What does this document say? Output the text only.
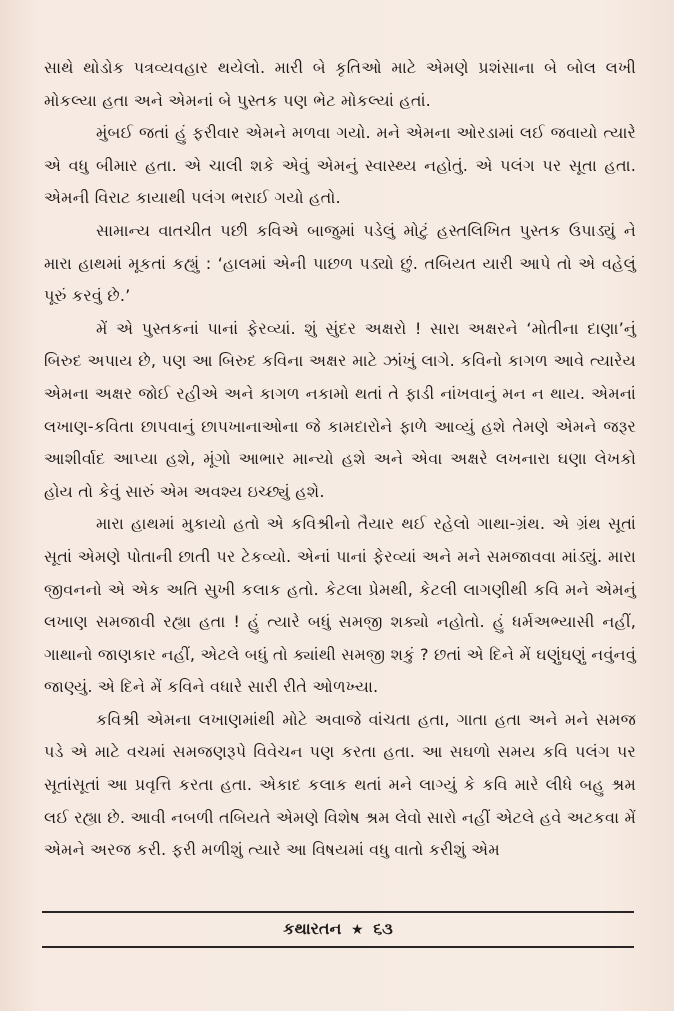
સાથે થોડોક પત્રવ્યવહાર થયેલો. મારી બે કૃતિઓ માટે એમણે પ્રશંસાના બે બોલ લખી મોકલ્યા હતા અને એમનાં બે પુસ્તક પણ ભેટ મોકલ્યાં હતાં.

મુંબઈ જતાં હું ફરીવાર એમને મળવા ગયો. મને એમના ઓરડામાં લઈ જવાયો ત્યારે એ વધુ બીમાર હતા. એ ચાલી શકે એવું એમનું સ્વાસ્થ્ય નહોતું. એ પલંગ પર સૂતા હતા. એમની વિરાટ કાયાથી પલંગ ભરાઈ ગયો હતો.

સામાન્ય વાતચીત પછી કવિએ બાજુમાં પડેલું મોટું હસ્તલિખિત પુસ્તક ઉપાડ્યું ને મારા હાથમાં મૂકતાં કહ્યું : ‘હાલમાં એની પાછળ પડ્યો છું. તબિયત યારી આપે તો એ વહેલું પૂરું કરવું છે.’

મેં એ પુસ્તકનાં પાનાં ફેરવ્યાં. શું સુંદર અક્ષરો ! સારા અક્ષરને ‘મોતીના દાણા’નું બિરુદ અપાય છે, પણ આ બિરુદ કવિના અક્ષર માટે ઝાંખું લાગે. કવિનો કાગળ આવે ત્યારેય એમના અક્ષર જોઈ રહીએ અને કાગળ નકામો થતાં તે ફાડી નાંખવાનું મન ન થાય. એમનાં લખાણ-કવિતા છાપવાનું છાપખાનાઓના જે કામદારોને ફાળે આવ્યું હશે તેમણે એમને જરૂર આશીર્વાદ આપ્યા હશે, મૂંગો આભાર માન્યો હશે અને એવા અક્ષરે લખનારા ઘણા લેખકો હોય તો કેવું સારું એમ અવશ્ય ઇચ્છ્યું હશે.

મારા હાથમાં મુકાયો હતો એ કવિશ્રીનો તૈયાર થઈ રહેલો ગાથા-ગ્રંથ. એ ગ્રંથ સૂતાં સૂતાં એમણે પોતાની છાતી પર ટેકવ્યો. એનાં પાનાં ફેરવ્યાં અને મને સમજાવવા માંડ્યું. મારા જીવનનો એ એક અતિ સુખી કલાક હતો. કેટલા પ્રેમથી, કેટલી લાગણીથી કવિ મને એમનું લખાણ સમજાવી રહ્યા હતા ! હું ત્યારે બધું સમજી શક્યો નહોતો. હું ધર્મઅભ્યાસી નહીં, ગાથાનો જાણકાર નહીં, એટલે બધું તો ક્યાંથી સમજી શકું ? છતાં એ દિને મેં ઘણુંઘણું નવુંનવું જાણ્યું. એ દિને મેં કવિને વધારે સારી રીતે ઓળખ્યા.

કવિશ્રી એમના લખાણમાંથી મોટે અવાજે વાંચતા હતા, ગાતા હતા અને મને સમજ પડે એ માટે વચમાં સમજણરૂપે વિવેચન પણ કરતા હતા. આ સઘળો સમય કવિ પલંગ પર સૂતાંસૂતાં આ પ્રવૃત્તિ કરતા હતા. એકાદ કલાક થતાં મને લાગ્યું કે કવિ મારે લીધે બહુ શ્રમ લઈ રહ્યા છે. આવી નબળી તબિયતે એમણે વિશેષ શ્રમ લેવો સારો નહીં એટલે હવે અટકવા મેં એમને અરજ કરી. ફરી મળીશું ત્યારે આ વિષયમાં વધુ વાતો કરીશું એમ

કથારતન ★ ૬૩
